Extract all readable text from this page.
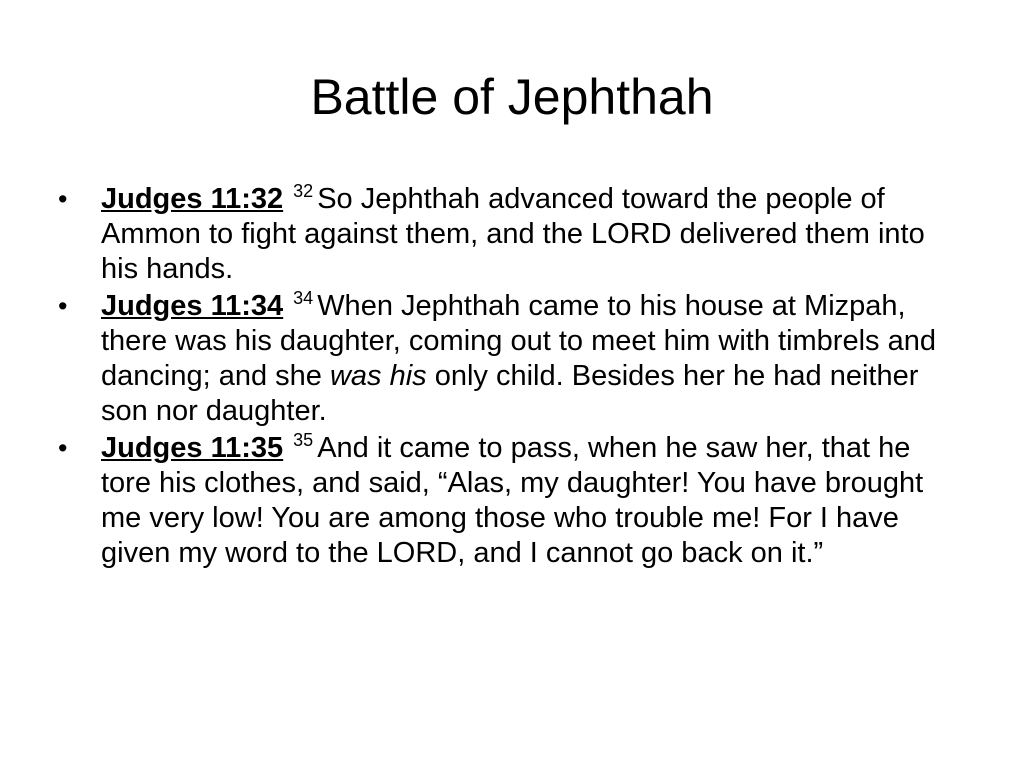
Battle of Jephthah
• Judges 11:32 $^{32}$ So Jephthah advanced toward the people of Ammon to fight against them, and the LORD delivered them into his hands.
• Judges 11:34 $^{34}$ When Jephthah came to his house at Mizpah, there was his daughter, coming out to meet him with timbrels and dancing; and she was his only child. Besides her he had neither son nor daughter.
• Judges 11:35 $^{35}$ And it came to pass, when he saw her, that he tore his clothes, and said, “Alas, my daughter! You have brought me very low! You are among those who trouble me! For I have given my word to the LORD, and I cannot go back on it.”
